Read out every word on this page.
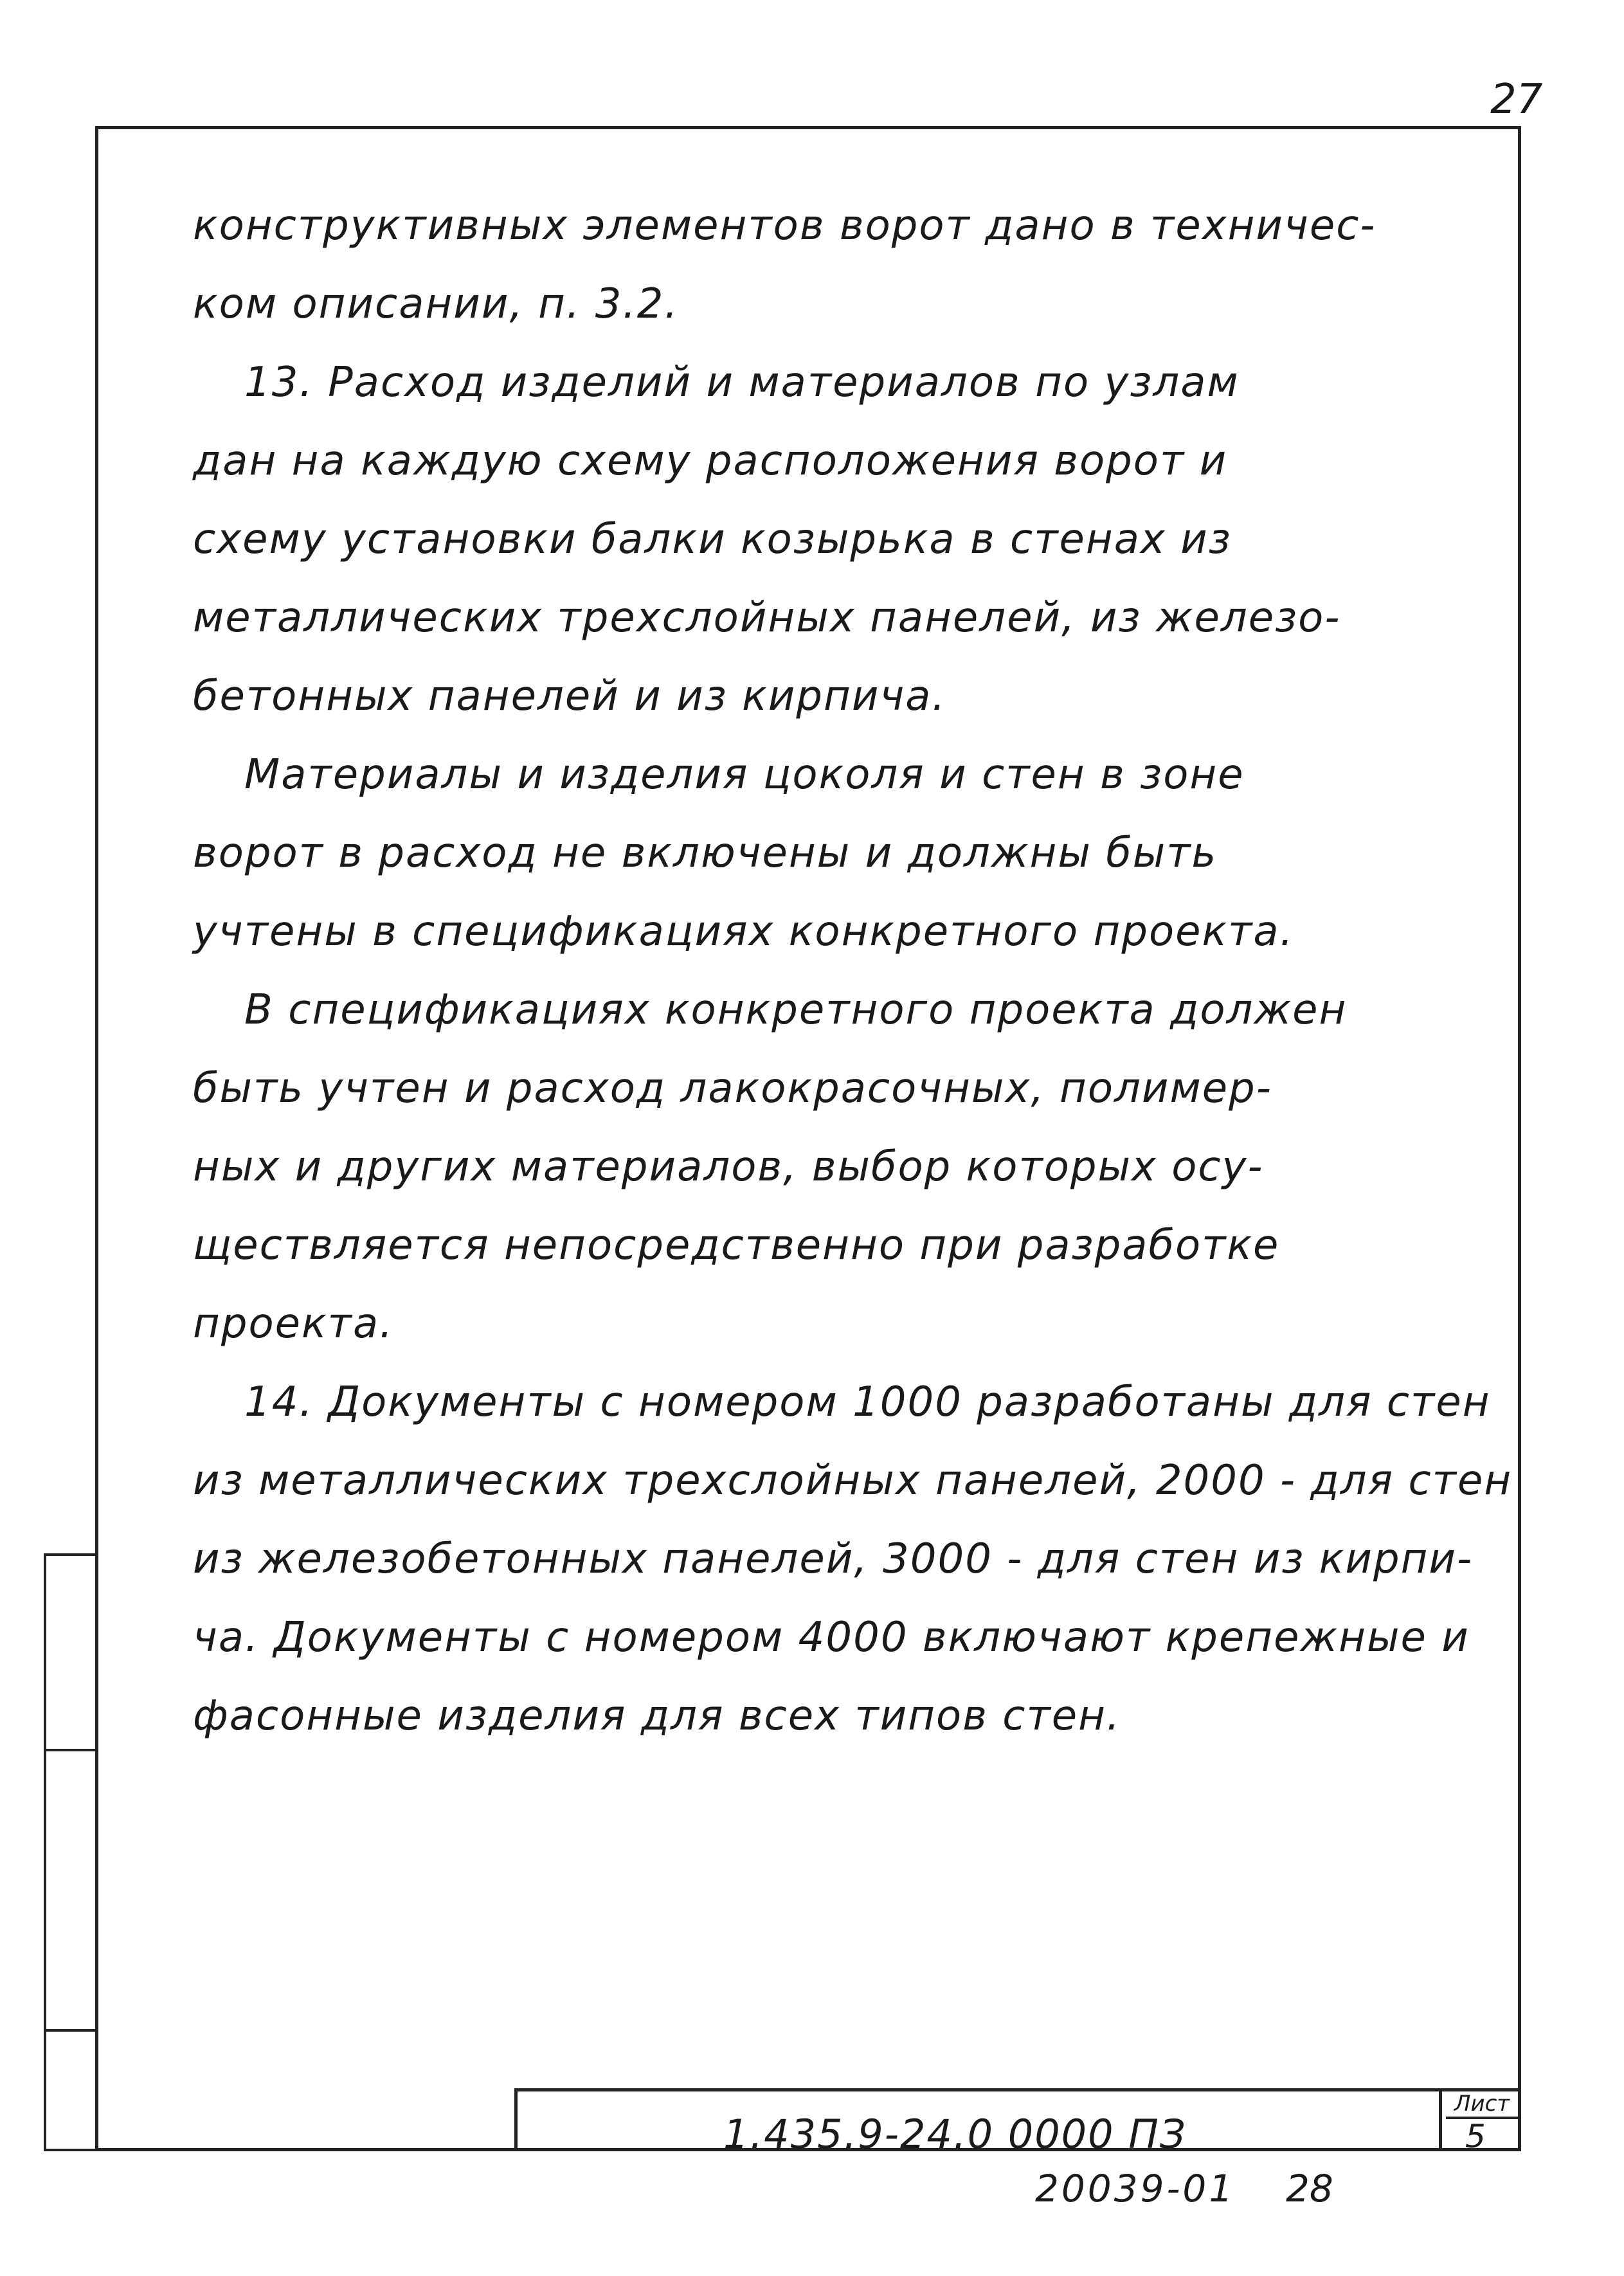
27
конструктивных элементов ворот дано в техничес-
ком описании, п. 3.2.
13. Расход изделий и материалов по узлам
дан на каждую схему расположения ворот и
схему установки балки козырька в стенах из
металлических трехслойных панелей, из железо-
бетонных панелей и из кирпича.
Материалы и изделия цоколя и стен в зоне
ворот в расход не включены и должны быть
учтены в спецификациях конкретного проекта.
В спецификациях конкретного проекта должен
быть учтен и расход лакокрасочных, полимер-
ных и других материалов, выбор которых осу-
ществляется непосредственно при разработке
проекта.
14. Документы с номером 1000 разработаны для стен
из металлических трехслойных панелей, 2000 - для стен
из железобетонных панелей, 3000 - для стен из кирпи-
ча. Документы с номером 4000 включают крепежные и
фасонные изделия для всех типов стен.
1.435.9-24.0 0000 ПЗ
Лист
5
20039-01 28
